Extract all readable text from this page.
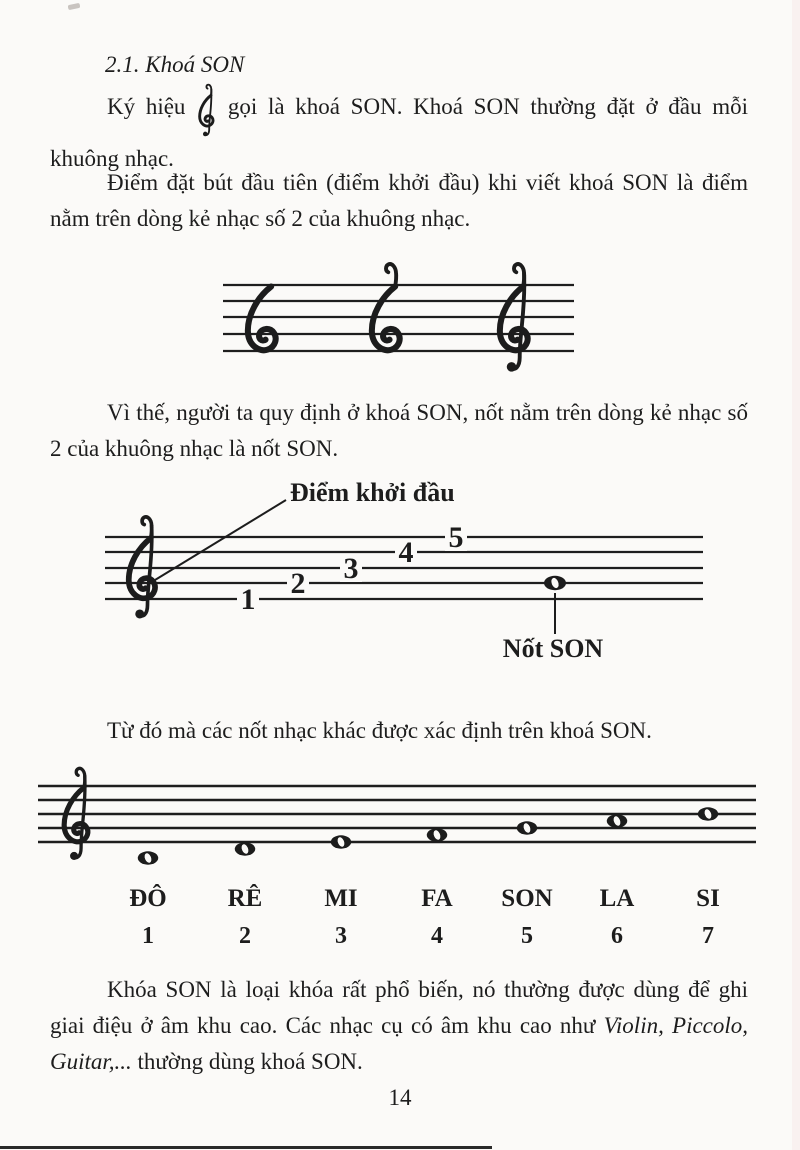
2.1. Khoá SON
Ký hiệu gọi là khoá SON. Khoá SON thường đặt ở đầu mỗi
khuông nhạc.
Điểm đặt bút đầu tiên (điểm khởi đầu) khi viết khoá SON là điểm
nằm trên dòng kẻ nhạc số 2 của khuông nhạc.
Vì thế, người ta quy định ở khoá SON, nốt nằm trên dòng kẻ nhạc số
2 của khuông nhạc là nốt SON.
Điểm khởi đầu
1 2 3 4 5
Nốt SON
Từ đó mà các nốt nhạc khác được xác định trên khoá SON.
ĐÔ RÊ MI	FA SON LA SI
1	2	3	4	5	6	7
Khóa SON là loại khóa rất phổ biến, nó thường được dùng để ghi
giai điệu ở âm khu cao. Các nhạc cụ có âm khu cao như Violin, Piccolo,
Guitar,... thường dùng khoá SON.
14
